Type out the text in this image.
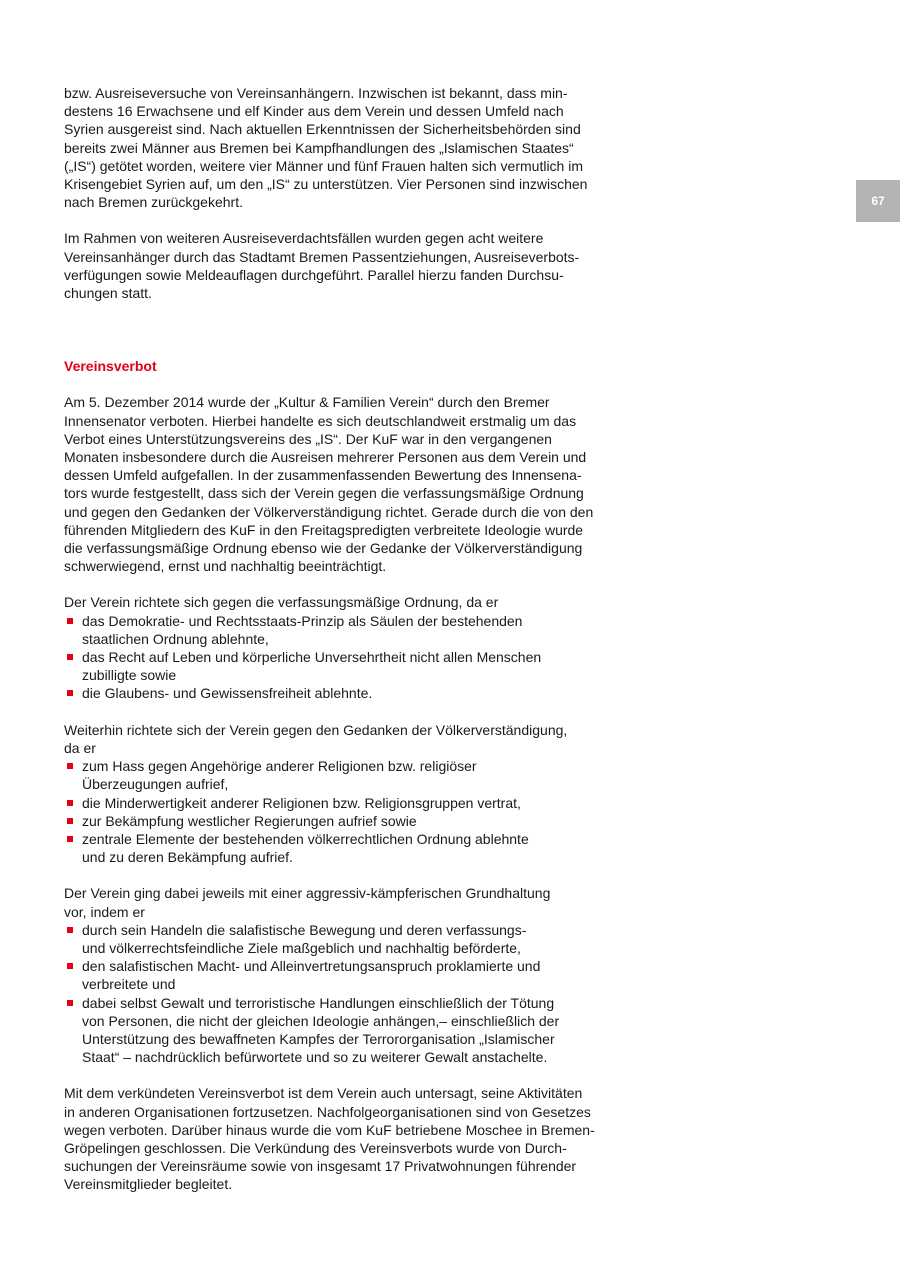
67
bzw. Ausreiseversuche von Vereinsanhängern. Inzwischen ist bekannt, dass min-
destens 16 Erwachsene und elf Kinder aus dem Verein und dessen Umfeld nach
Syrien ausgereist sind. Nach aktuellen Erkenntnissen der Sicherheitsbehörden sind
bereits zwei Männer aus Bremen bei Kampfhandlungen des „Islamischen Staates“
(„IS“) getötet worden, weitere vier Männer und fünf Frauen halten sich vermutlich im
Krisengebiet Syrien auf, um den „IS“ zu unterstützen. Vier Personen sind inzwischen
nach Bremen zurückgekehrt.
Im Rahmen von weiteren Ausreiseverdachtsfällen wurden gegen acht weitere
Vereinsanhänger durch das Stadtamt Bremen Passentziehungen, Ausreiseverbots-
verfügungen sowie Meldeauflagen durchgeführt. Parallel hierzu fanden Durchsu-
chungen statt.
Vereinsverbot
Am 5. Dezember 2014 wurde der „Kultur & Familien Verein“ durch den Bremer
Innensenator verboten. Hierbei handelte es sich deutschlandweit erstmalig um das
Verbot eines Unterstützungsvereins des „IS“. Der KuF war in den vergangenen
Monaten insbesondere durch die Ausreisen mehrerer Personen aus dem Verein und
dessen Umfeld aufgefallen. In der zusammenfassenden Bewertung des Innensena-
tors wurde festgestellt, dass sich der Verein gegen die verfassungsmäßige Ordnung
und gegen den Gedanken der Völkerverständigung richtet. Gerade durch die von den
führenden Mitgliedern des KuF in den Freitagspredigten verbreitete Ideologie wurde
die verfassungsmäßige Ordnung ebenso wie der Gedanke der Völkerverständigung
schwerwiegend, ernst und nachhaltig beeinträchtigt.
Der Verein richtete sich gegen die verfassungsmäßige Ordnung, da er
das Demokratie- und Rechtsstaats-Prinzip als Säulen der bestehenden
staatlichen Ordnung ablehnte,
das Recht auf Leben und körperliche Unversehrtheit nicht allen Menschen
zubilligte sowie
die Glaubens- und Gewissensfreiheit ablehnte.
Weiterhin richtete sich der Verein gegen den Gedanken der Völkerverständigung,
da er
zum Hass gegen Angehörige anderer Religionen bzw. religiöser
Überzeugungen aufrief,
die Minderwertigkeit anderer Religionen bzw. Religionsgruppen vertrat,
zur Bekämpfung westlicher Regierungen aufrief sowie
zentrale Elemente der bestehenden völkerrechtlichen Ordnung ablehnte
und zu deren Bekämpfung aufrief.
Der Verein ging dabei jeweils mit einer aggressiv-kämpferischen Grundhaltung
vor, indem er
durch sein Handeln die salafistische Bewegung und deren verfassungs-
und völkerrechtsfeindliche Ziele maßgeblich und nachhaltig beförderte,
den salafistischen Macht- und Alleinvertretungsanspruch proklamierte und
verbreitete und
dabei selbst Gewalt und terroristische Handlungen einschließlich der Tötung
von Personen, die nicht der gleichen Ideologie anhängen,– einschließlich der
Unterstützung des bewaffneten Kampfes der Terrororganisation „Islamischer
Staat“ – nachdrücklich befürwortete und so zu weiterer Gewalt anstachelte.
Mit dem verkündeten Vereinsverbot ist dem Verein auch untersagt, seine Aktivitäten
in anderen Organisationen fortzusetzen. Nachfolgeorganisationen sind von Gesetzes
wegen verboten. Darüber hinaus wurde die vom KuF betriebene Moschee in Bremen-
Gröpelingen geschlossen. Die Verkündung des Vereinsverbots wurde von Durch-
suchungen der Vereinsräume sowie von insgesamt 17 Privatwohnungen führender
Vereinsmitglieder begleitet.
